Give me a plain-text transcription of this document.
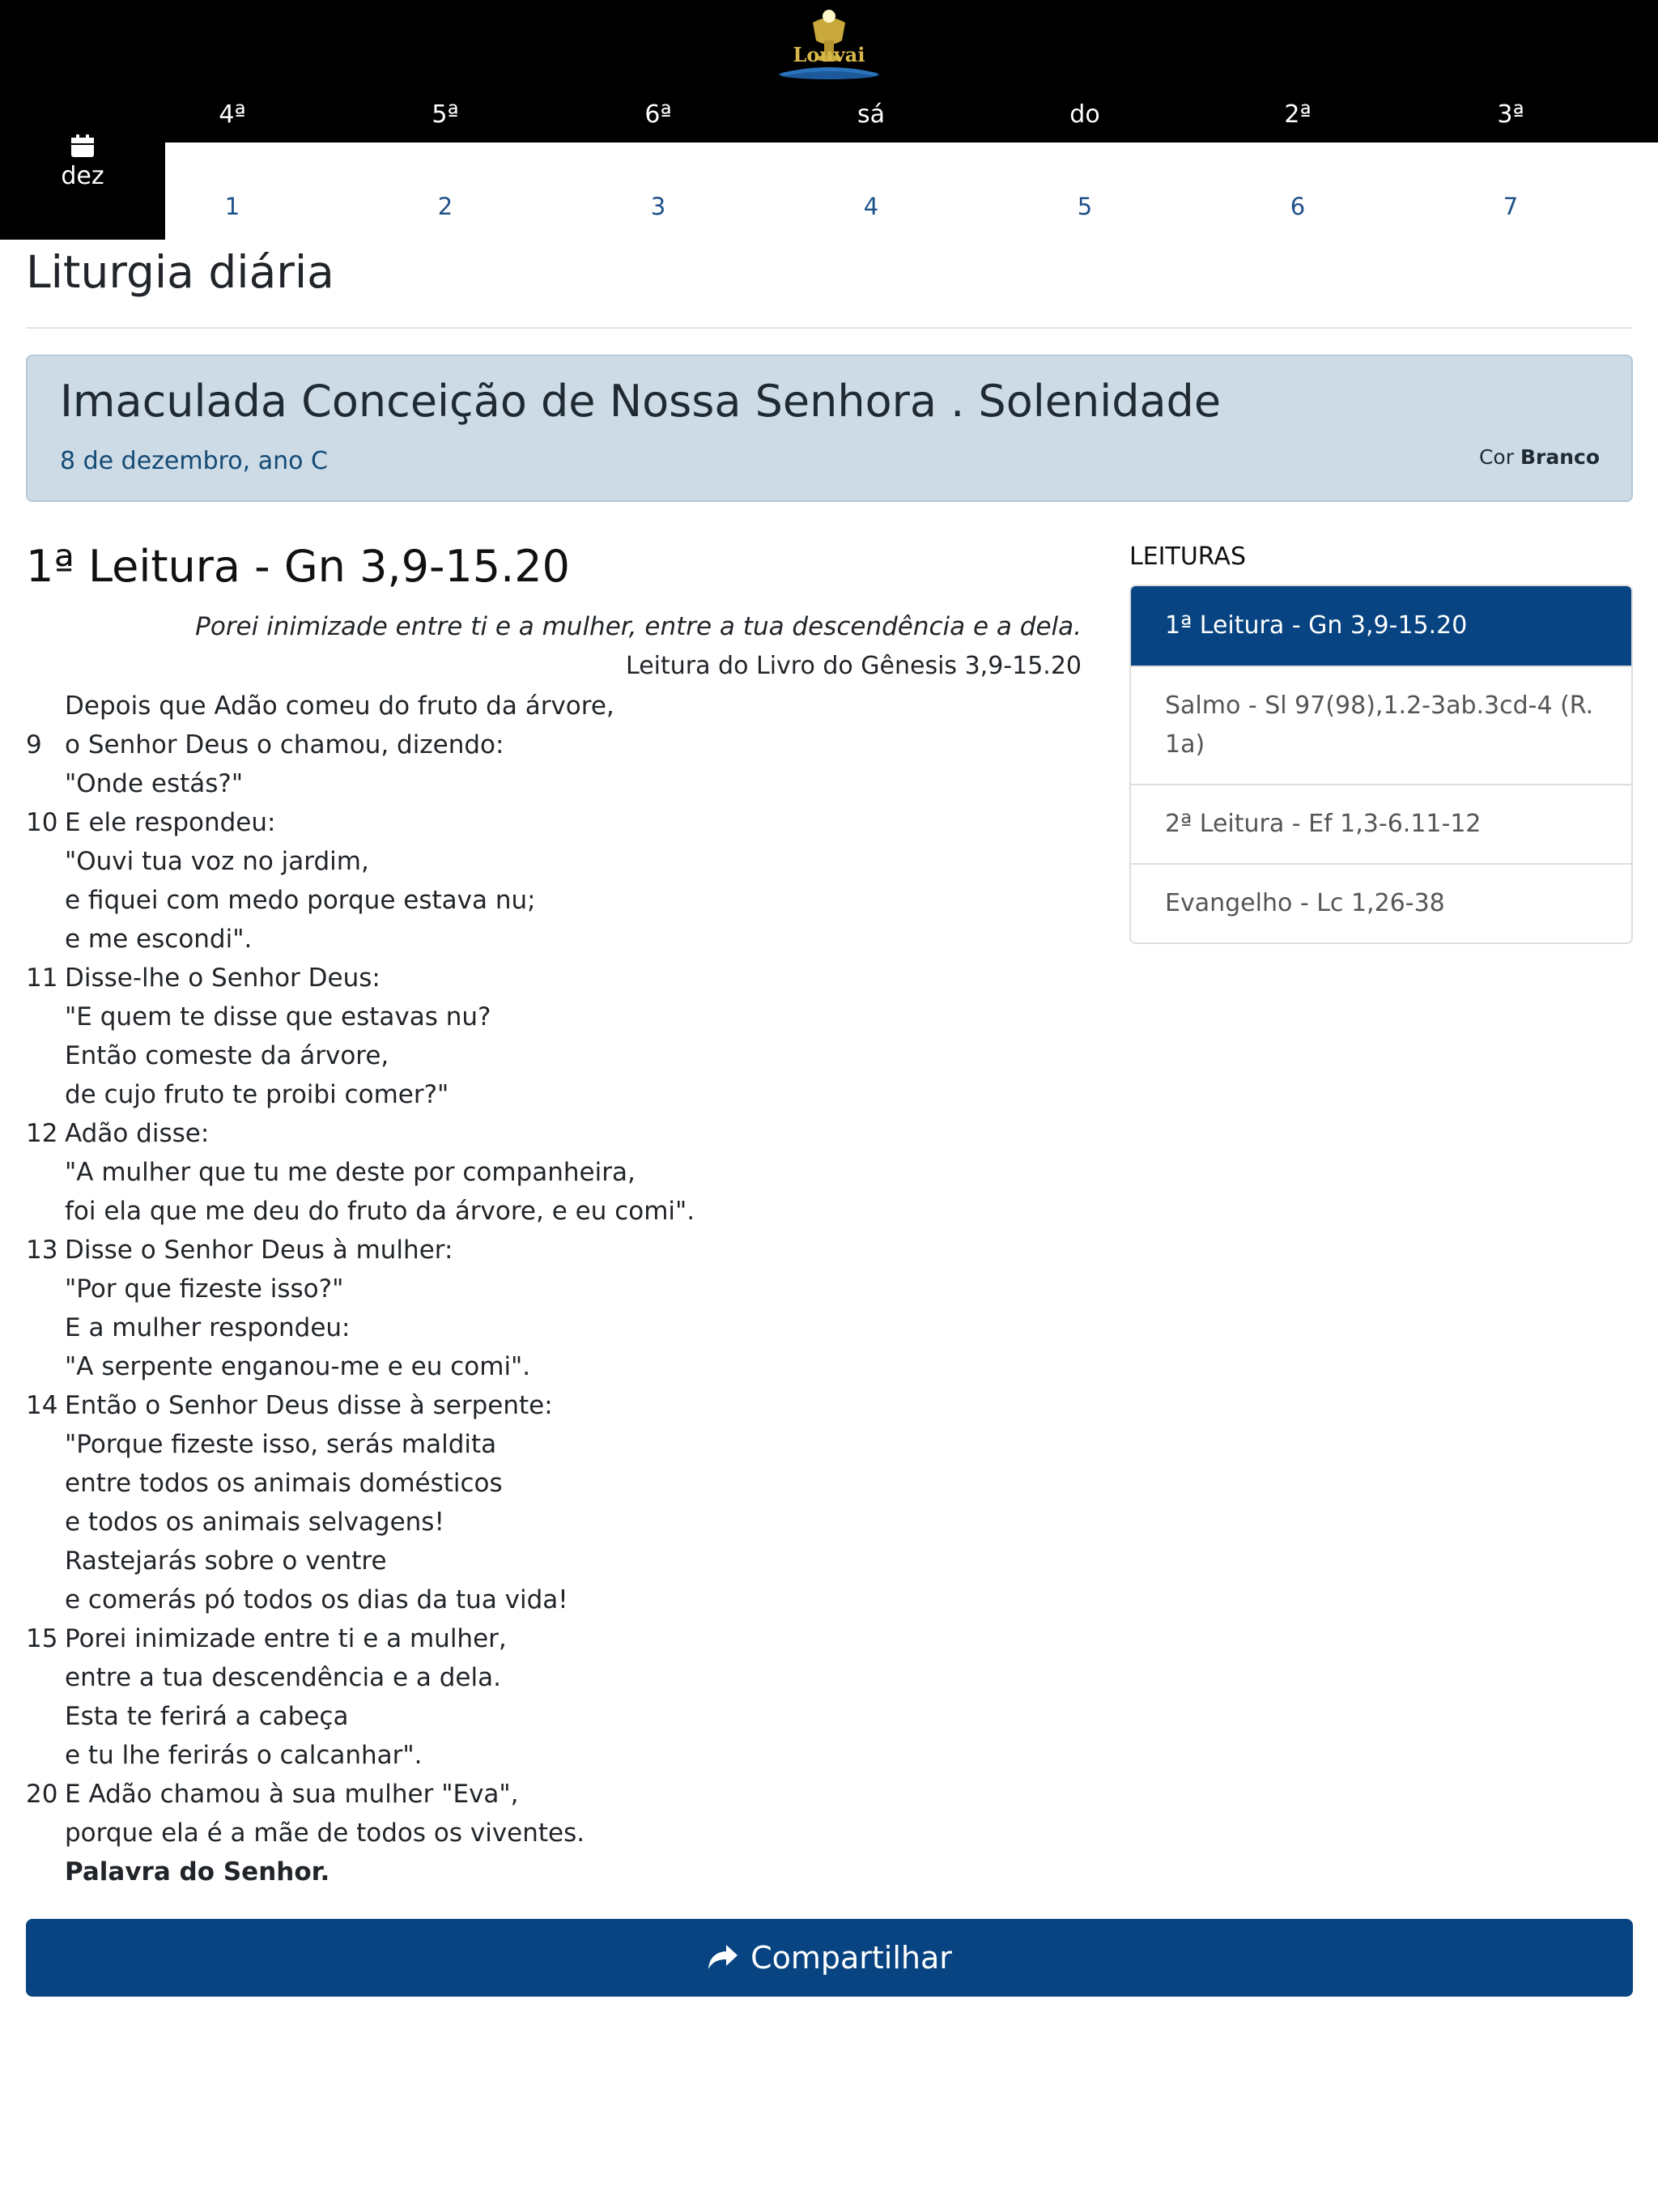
Louvai
dez
4ª	5ª	6ª	sá	do	2ª	3ª
1	2	3	4	5	6	7
Liturgia diária
Imaculada Conceição de Nossa Senhora . Solenidade
8 de dezembro, ano C	Cor Branco
1ª Leitura - Gn 3,9-15.20
Porei inimizade entre ti e a mulher, entre a tua descendência e a dela.
Leitura do Livro do Gênesis 3,9-15.20
Depois que Adão comeu do fruto da árvore,
9 o Senhor Deus o chamou, dizendo:
"Onde estás?"
10 E ele respondeu:
"Ouvi tua voz no jardim,
e fiquei com medo porque estava nu;
e me escondi".
11 Disse-lhe o Senhor Deus:
"E quem te disse que estavas nu?
Então comeste da árvore,
de cujo fruto te proibi comer?"
12 Adão disse:
"A mulher que tu me deste por companheira,
foi ela que me deu do fruto da árvore, e eu comi".
13 Disse o Senhor Deus à mulher:
"Por que fizeste isso?"
E a mulher respondeu:
"A serpente enganou-me e eu comi".
14 Então o Senhor Deus disse à serpente:
"Porque fizeste isso, serás maldita
entre todos os animais domésticos
e todos os animais selvagens!
Rastejarás sobre o ventre
e comerás pó todos os dias da tua vida!
15 Porei inimizade entre ti e a mulher,
entre a tua descendência e a dela.
Esta te ferirá a cabeça
e tu lhe ferirás o calcanhar".
20 E Adão chamou à sua mulher "Eva",
porque ela é a mãe de todos os viventes.
Palavra do Senhor.
LEITURAS
1ª Leitura - Gn 3,9-15.20
Salmo - Sl 97(98),1.2-3ab.3cd-4 (R. 1a)
2ª Leitura - Ef 1,3-6.11-12
Evangelho - Lc 1,26-38
Compartilhar
